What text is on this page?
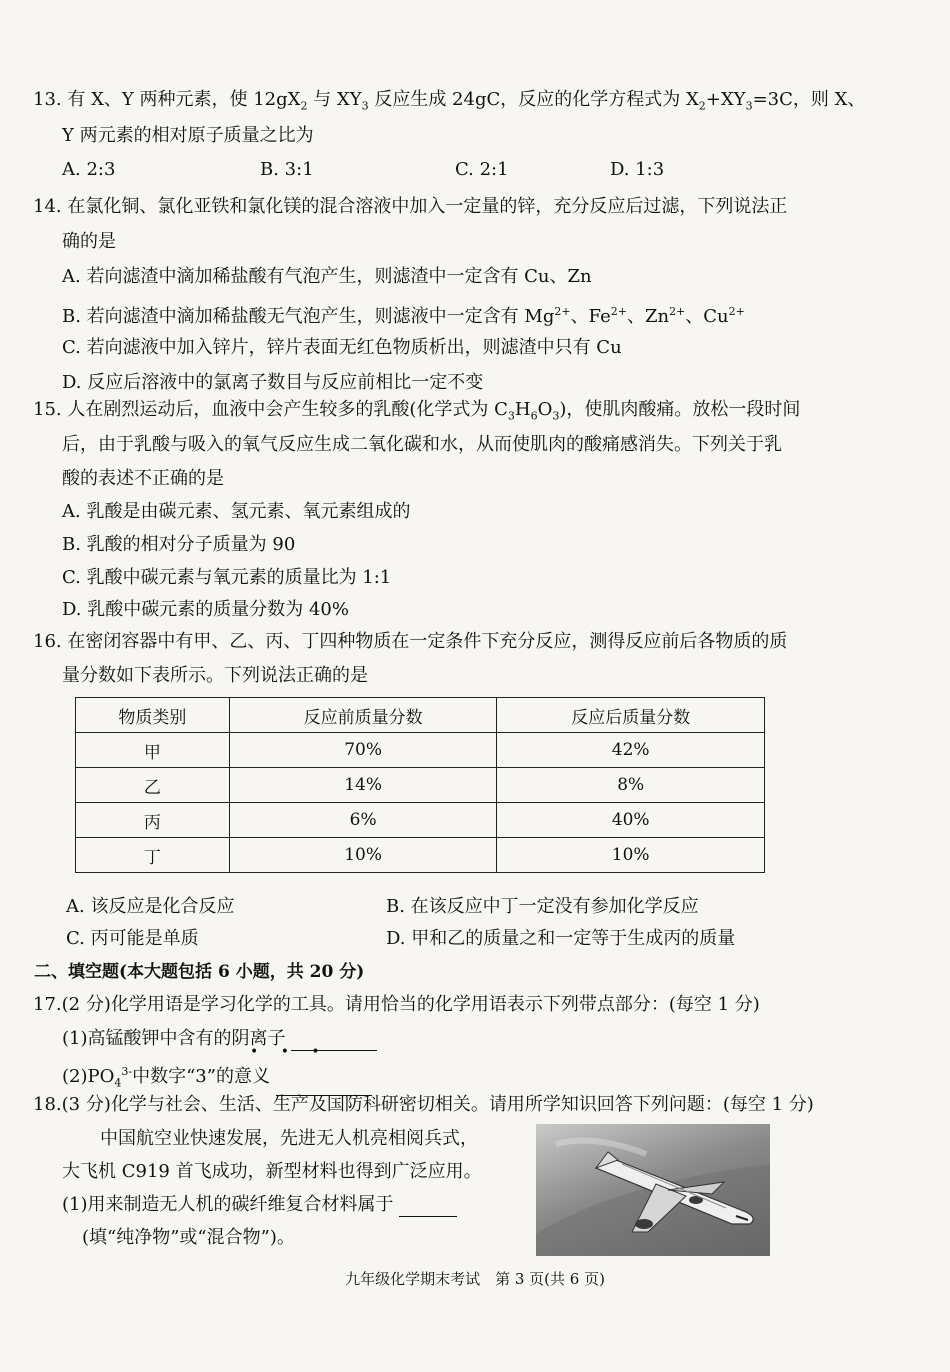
13. 有 X、Y 两种元素，使 $12gX_2$ 与 $XY_3$ 反应生成 24gC，反应的化学方程式为 $X_2+XY_3=3C$，则 X、
Y 两元素的相对原子质量之比为
A. 2:3	B. 3:1	C. 2:1	D. 1:3
14. 在氯化铜、氯化亚铁和氯化镁的混合溶液中加入一定量的锌，充分反应后过滤，下列说法正
确的是
A. 若向滤渣中滴加稀盐酸有气泡产生，则滤渣中一定含有 Cu、Zn
B. 若向滤渣中滴加稀盐酸无气泡产生，则滤液中一定含有 $Mg^{2+}$、$Fe^{2+}$、$Zn^{2+}$、$Cu^{2+}$
C. 若向滤液中加入锌片，锌片表面无红色物质析出，则滤渣中只有 Cu
D. 反应后溶液中的氯离子数目与反应前相比一定不变
15. 人在剧烈运动后，血液中会产生较多的乳酸(化学式为 $C_3H_6O_3$)，使肌肉酸痛。放松一段时间
后，由于乳酸与吸入的氧气反应生成二氧化碳和水，从而使肌肉的酸痛感消失。下列关于乳
酸的表述不正确的是
A. 乳酸是由碳元素、氢元素、氧元素组成的
B. 乳酸的相对分子质量为 90
C. 乳酸中碳元素与氧元素的质量比为 1:1
D. 乳酸中碳元素的质量分数为 40%
16. 在密闭容器中有甲、乙、丙、丁四种物质在一定条件下充分反应，测得反应前后各物质的质
量分数如下表所示。下列说法正确的是
物质类别	反应前质量分数	反应后质量分数
甲	70%	42%
乙	14%	8%
丙	6%	40%
丁	10%	10%
A. 该反应是化合反应	B. 在该反应中丁一定没有参加化学反应
C. 丙可能是单质	D. 甲和乙的质量之和一定等于生成丙的质量
二、填空题(本大题包括 6 小题，共 20 分)
17.(2 分)化学用语是学习化学的工具。请用恰当的化学用语表示下列带点部分：(每空 1 分)
(1)高锰酸钾中含有的阴离子
• • •
$(2)PO_4^{3-}$中数字“3”的意义
18.(3 分)化学与社会、生活、生产及国防科研密切相关。请用所学知识回答下列问题：(每空 1 分)
中国航空业快速发展，先进无人机亮相阅兵式，
大飞机 C919 首飞成功，新型材料也得到广泛应用。
(1)用来制造无人机的碳纤维复合材料属于
(填“纯净物”或“混合物”)。
九年级化学期末考试　第 3 页(共 6 页)
